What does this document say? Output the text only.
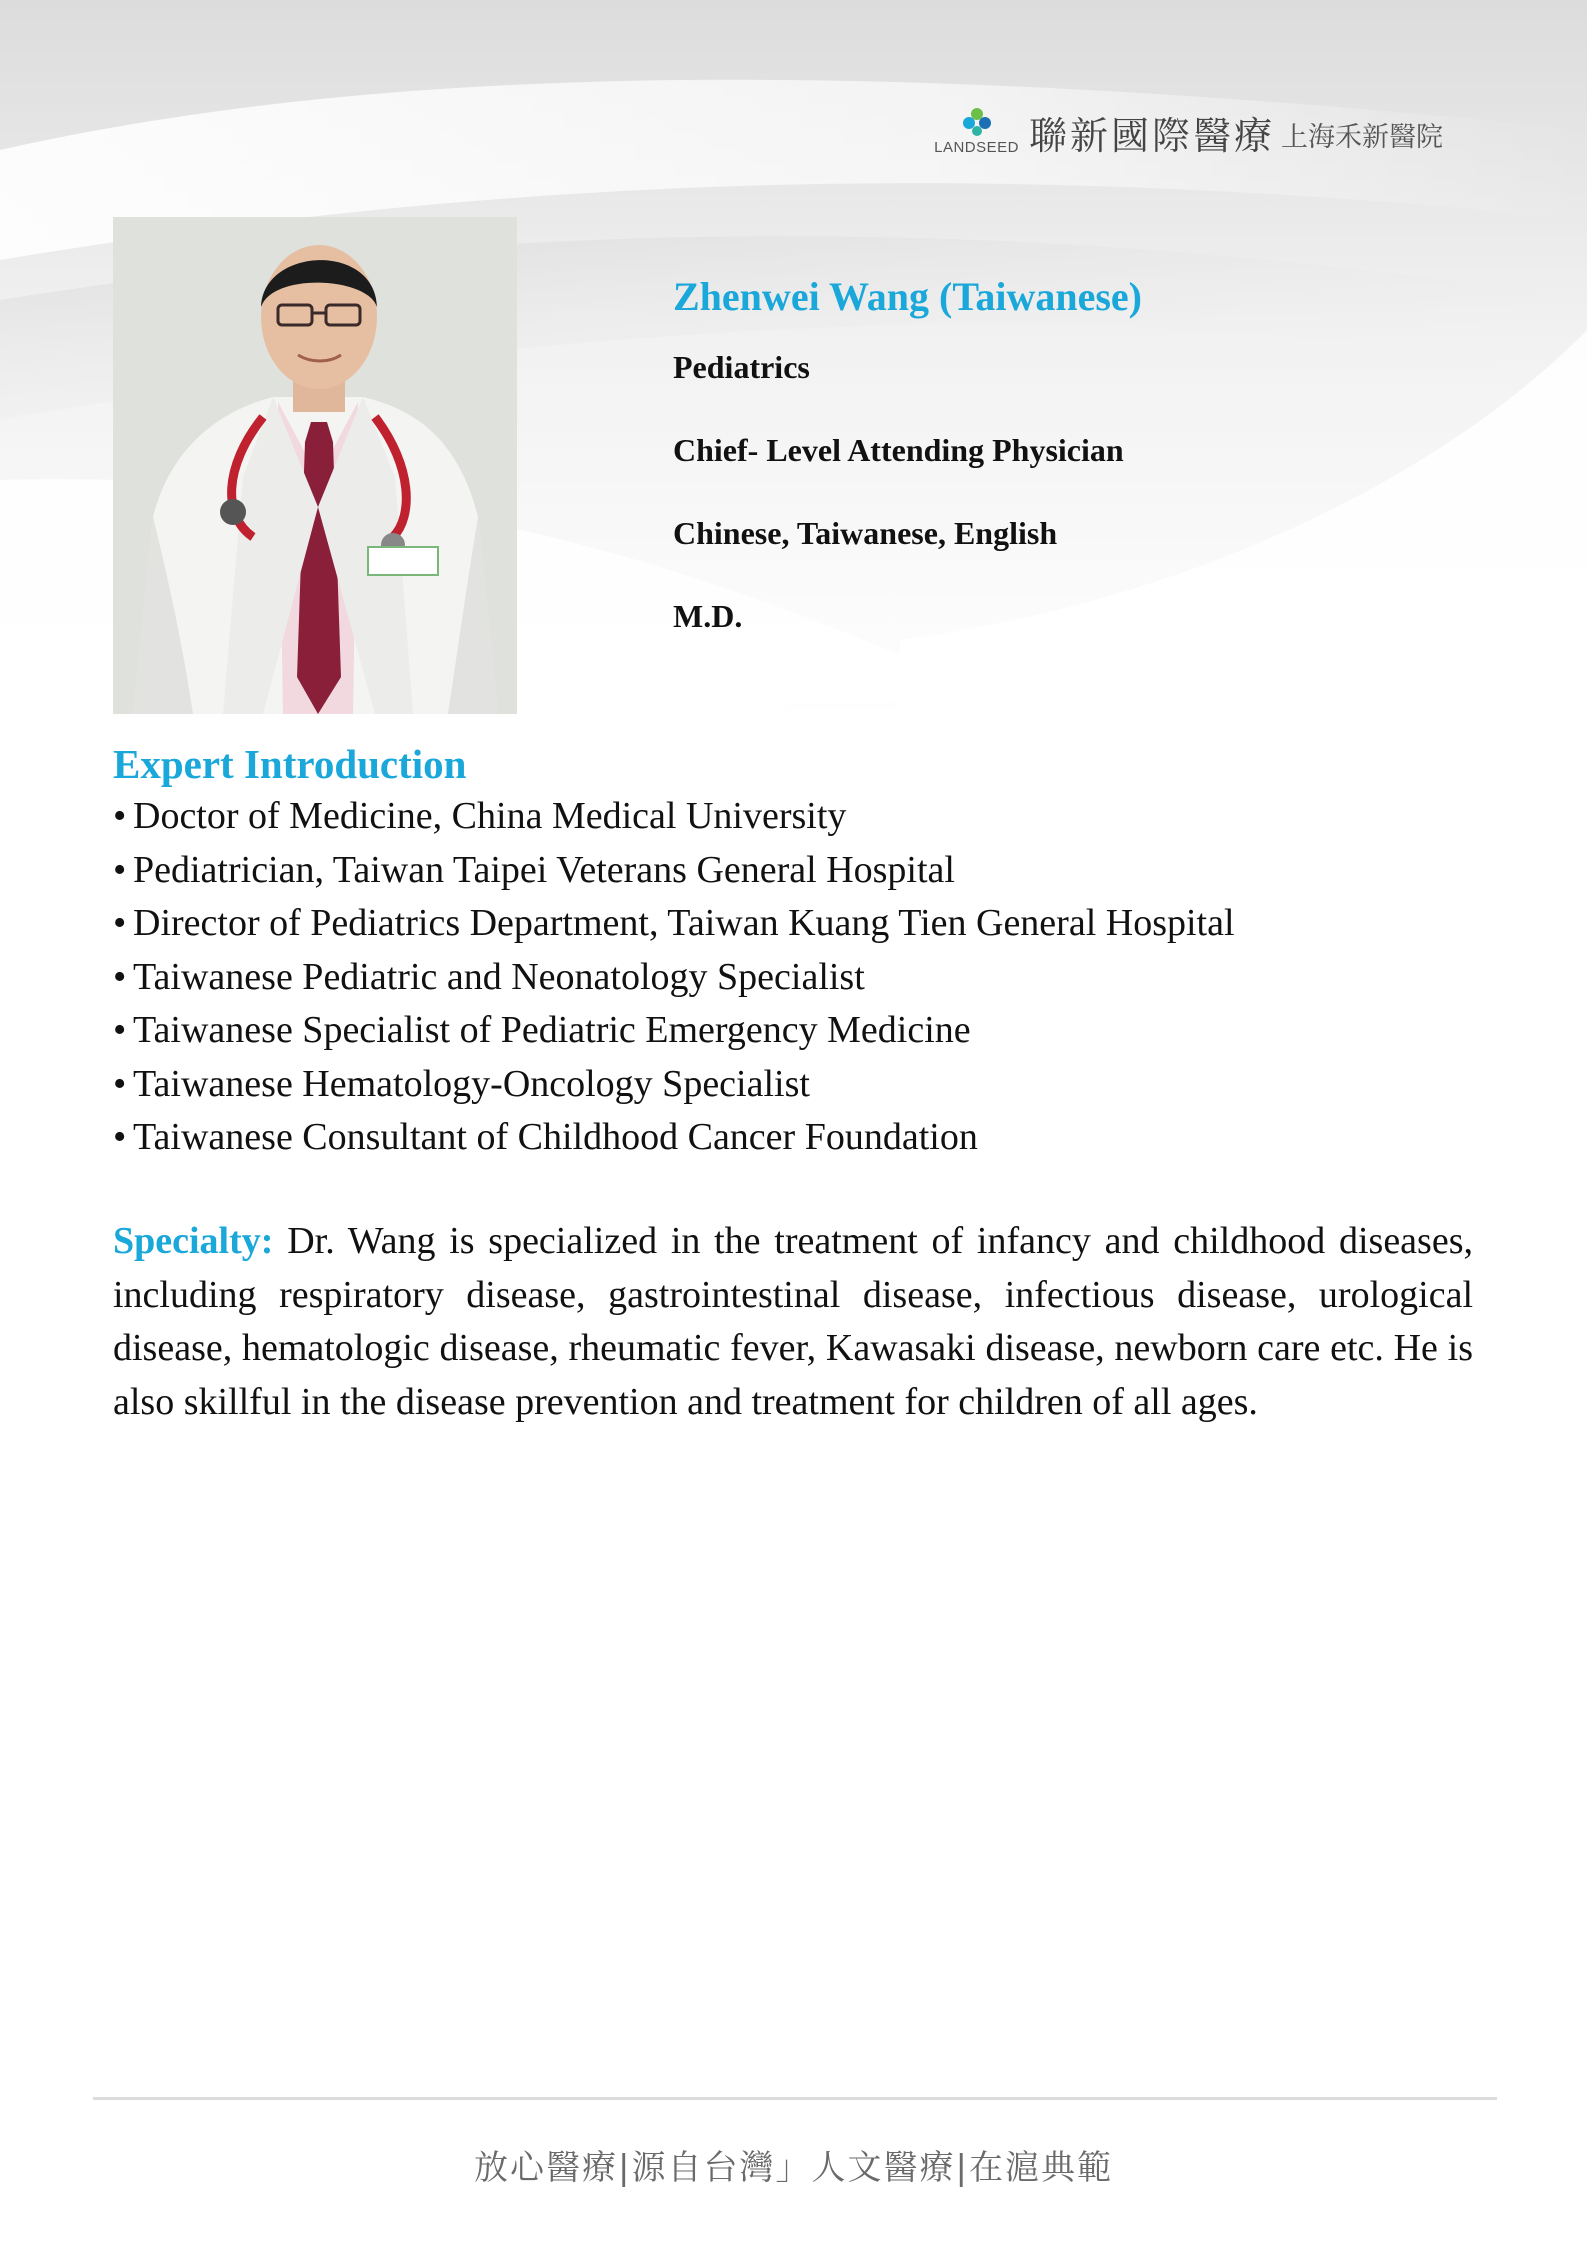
LANDSEED 聯新國際醫療 上海禾新醫院

Zhenwei Wang (Taiwanese)

Pediatrics

Chief- Level Attending Physician

Chinese, Taiwanese, English

M.D.

Expert Introduction
• Doctor of Medicine, China Medical University
• Pediatrician, Taiwan Taipei Veterans General Hospital
• Director of Pediatrics Department, Taiwan Kuang Tien General Hospital
• Taiwanese Pediatric and Neonatology Specialist
• Taiwanese Specialist of Pediatric Emergency Medicine
• Taiwanese Hematology-Oncology Specialist
• Taiwanese Consultant of Childhood Cancer Foundation

Specialty: Dr. Wang is specialized in the treatment of infancy and childhood diseases, including respiratory disease, gastrointestinal disease, infectious disease, urological disease, hematologic disease, rheumatic fever, Kawasaki disease, newborn care etc. He is also skillful in the disease prevention and treatment for children of all ages.

放心醫療|源自台灣」人文醫療|在滬典範
